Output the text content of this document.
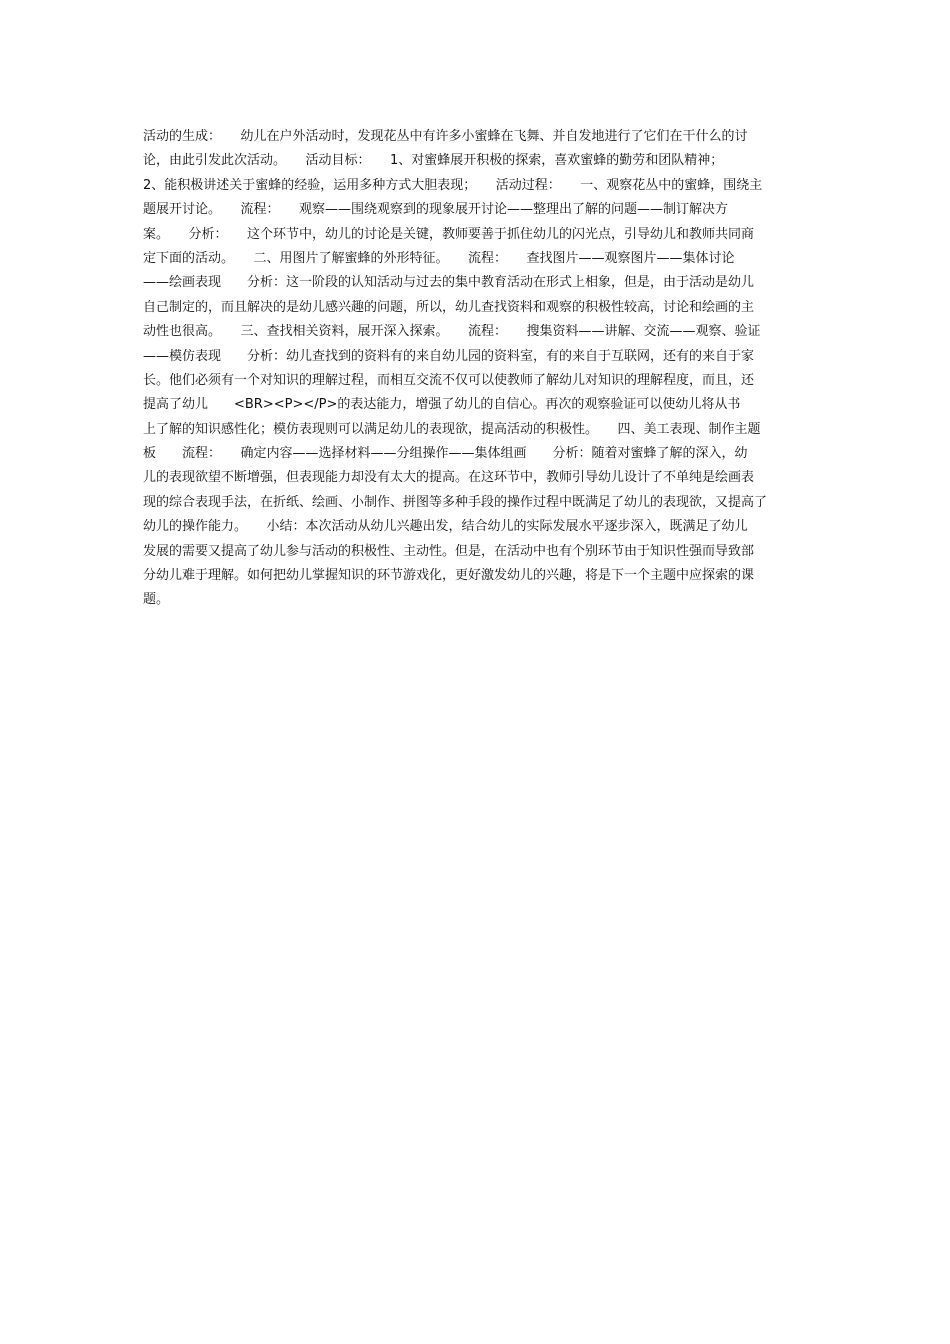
活动的生成：　　幼儿在户外活动时，发现花丛中有许多小蜜蜂在飞舞、并自发地进行了它们在干什么的讨
论，由此引发此次活动。　　活动目标：　　1、对蜜蜂展开积极的探索，喜欢蜜蜂的勤劳和团队精神；
2、能积极讲述关于蜜蜂的经验，运用多种方式大胆表现；　　活动过程：　　一、观察花丛中的蜜蜂，围绕主
题展开讨论。　　流程：　　观察——围绕观察到的现象展开讨论——整理出了解的问题——制订解决方
案。　　分析：　　这个环节中，幼儿的讨论是关键，教师要善于抓住幼儿的闪光点，引导幼儿和教师共同商
定下面的活动。　　二、用图片了解蜜蜂的外形特征。　　流程：　　查找图片——观察图片——集体讨论
——绘画表现　　分析：这一阶段的认知活动与过去的集中教育活动在形式上相象，但是，由于活动是幼儿
自己制定的，而且解决的是幼儿感兴趣的问题，所以，幼儿查找资料和观察的积极性较高，讨论和绘画的主
动性也很高。　　三、查找相关资料，展开深入探索。　　流程：　　搜集资料——讲解、交流——观察、验证
——模仿表现　　分析：幼儿查找到的资料有的来自幼儿园的资料室，有的来自于互联网，还有的来自于家
长。他们必须有一个对知识的理解过程，而相互交流不仅可以使教师了解幼儿对知识的理解程度，而且，还
提高了幼儿　　<BR><P></P>的表达能力，增强了幼儿的自信心。再次的观察验证可以使幼儿将从书
上了解的知识感性化；模仿表现则可以满足幼儿的表现欲，提高活动的积极性。　　四、美工表现、制作主题
板　　流程：　　确定内容——选择材料——分组操作——集体组画　　分析：随着对蜜蜂了解的深入，幼
儿的表现欲望不断增强，但表现能力却没有太大的提高。在这环节中，教师引导幼儿设计了不单纯是绘画表
现的综合表现手法，在折纸、绘画、小制作、拼图等多种手段的操作过程中既满足了幼儿的表现欲，又提高了
幼儿的操作能力。　　小结：本次活动从幼儿兴趣出发，结合幼儿的实际发展水平逐步深入，既满足了幼儿
发展的需要又提高了幼儿参与活动的积极性、主动性。但是，在活动中也有个别环节由于知识性强而导致部
分幼儿难于理解。如何把幼儿掌握知识的环节游戏化，更好激发幼儿的兴趣，将是下一个主题中应探索的课
题。
